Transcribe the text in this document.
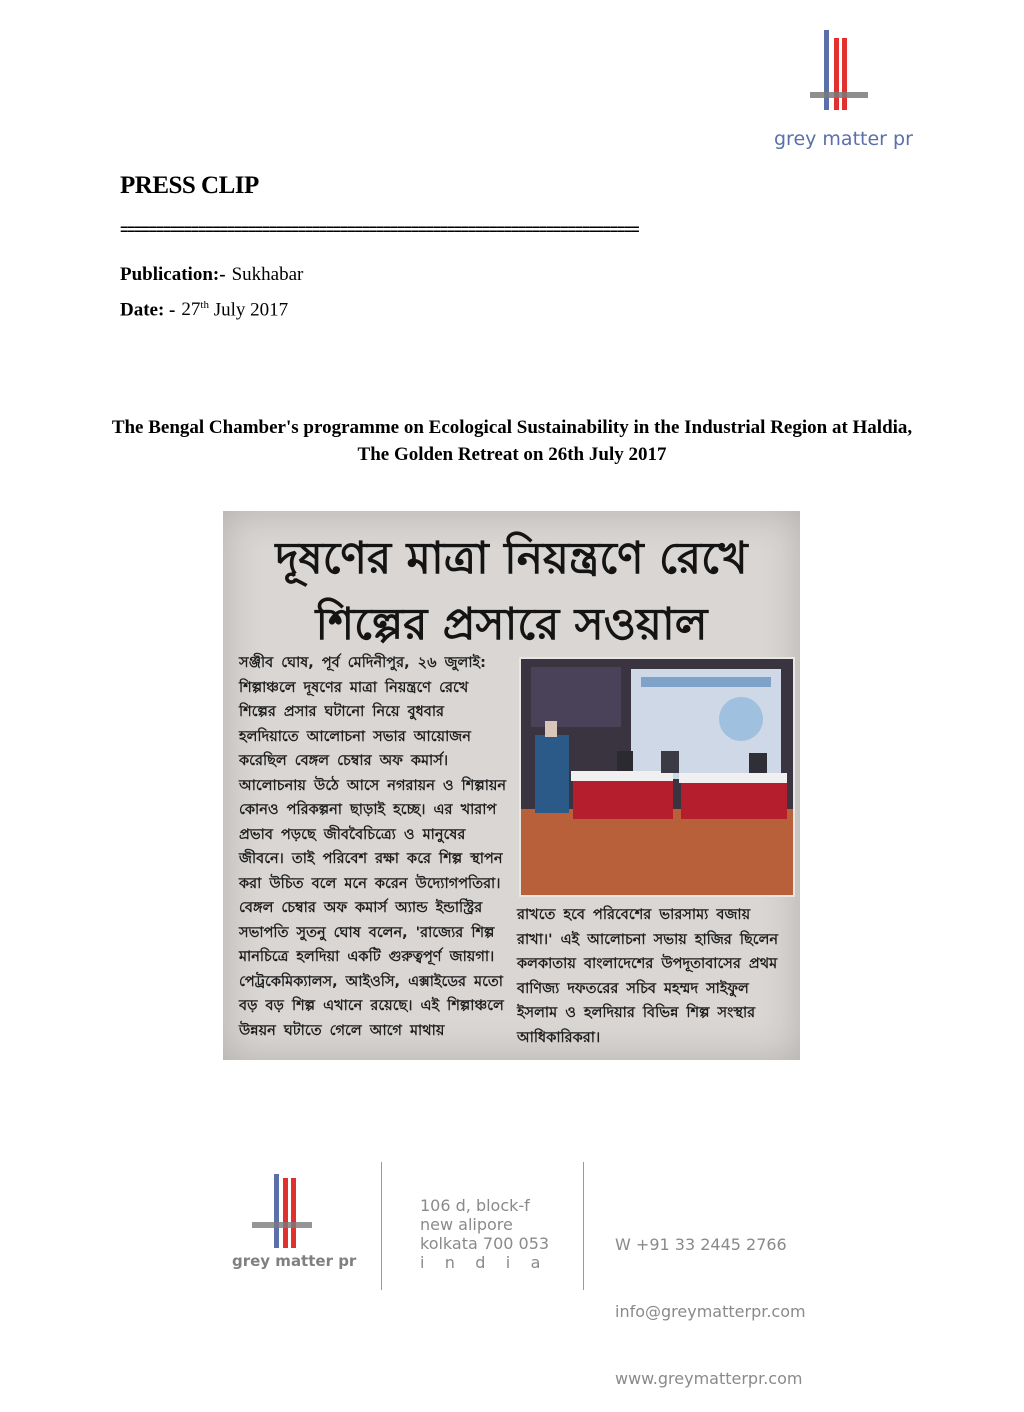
grey matter pr
PRESS CLIP
=========================================================================
Publication:- Sukhabar
Date: - 27th July 2017
The Bengal Chamber's programme on Ecological Sustainability in the Industrial Region at Haldia, The Golden Retreat on 26th July 2017
দূষণের মাত্রা নিয়ন্ত্রণে রেখে
শিল্পের প্রসারে সওয়াল
সঞ্জীব ঘোষ, পূর্ব মেদিনীপুর, ২৬ জুলাই: শিল্পাঞ্চলে দূষণের মাত্রা নিয়ন্ত্রণে রেখে শিল্পের প্রসার ঘটানো নিয়ে বুধবার হলদিয়াতে আলোচনা সভার আয়োজন করেছিল বেঙ্গল চেম্বার অফ কমার্স। আলোচনায় উঠে আসে নগরায়ন ও শিল্পায়ন কোনও পরিকল্পনা ছাড়াই হচ্ছে। এর খারাপ প্রভাব পড়ছে জীববৈচিত্র্যে ও মানুষের জীবনে। তাই পরিবেশ রক্ষা করে শিল্প স্থাপন করা উচিত বলে মনে করেন উদ্যোগপতিরা। বেঙ্গল চেম্বার অফ কমার্স অ্যান্ড ইন্ডাস্ট্রির সভাপতি সুতনু ঘোষ বলেন, 'রাজ্যের শিল্প মানচিত্রে হলদিয়া একটি গুরুত্বপূর্ণ জায়গা। পেট্রকেমিক্যালস, আইওসি, এক্সাইডের মতো বড় বড় শিল্প এখানে রয়েছে। এই শিল্পাঞ্চলে উন্নয়ন ঘটাতে গেলে আগে মাথায়
রাখতে হবে পরিবেশের ভারসাম্য বজায় রাখা।' এই আলোচনা সভায় হাজির ছিলেন কলকাতায় বাংলাদেশের উপদূতাবাসের প্রথম বাণিজ্য দফতরের সচিব মহম্মদ সাইফুল ইসলাম ও হলদিয়ার বিভিন্ন শিল্প সংস্থার আধিকারিকরা।
grey matter pr
106 d, block-f
new alipore
kolkata 700 053
i    n    d    i    a

W +91 33 2445 2766

info@greymatterpr.com

www.greymatterpr.com
